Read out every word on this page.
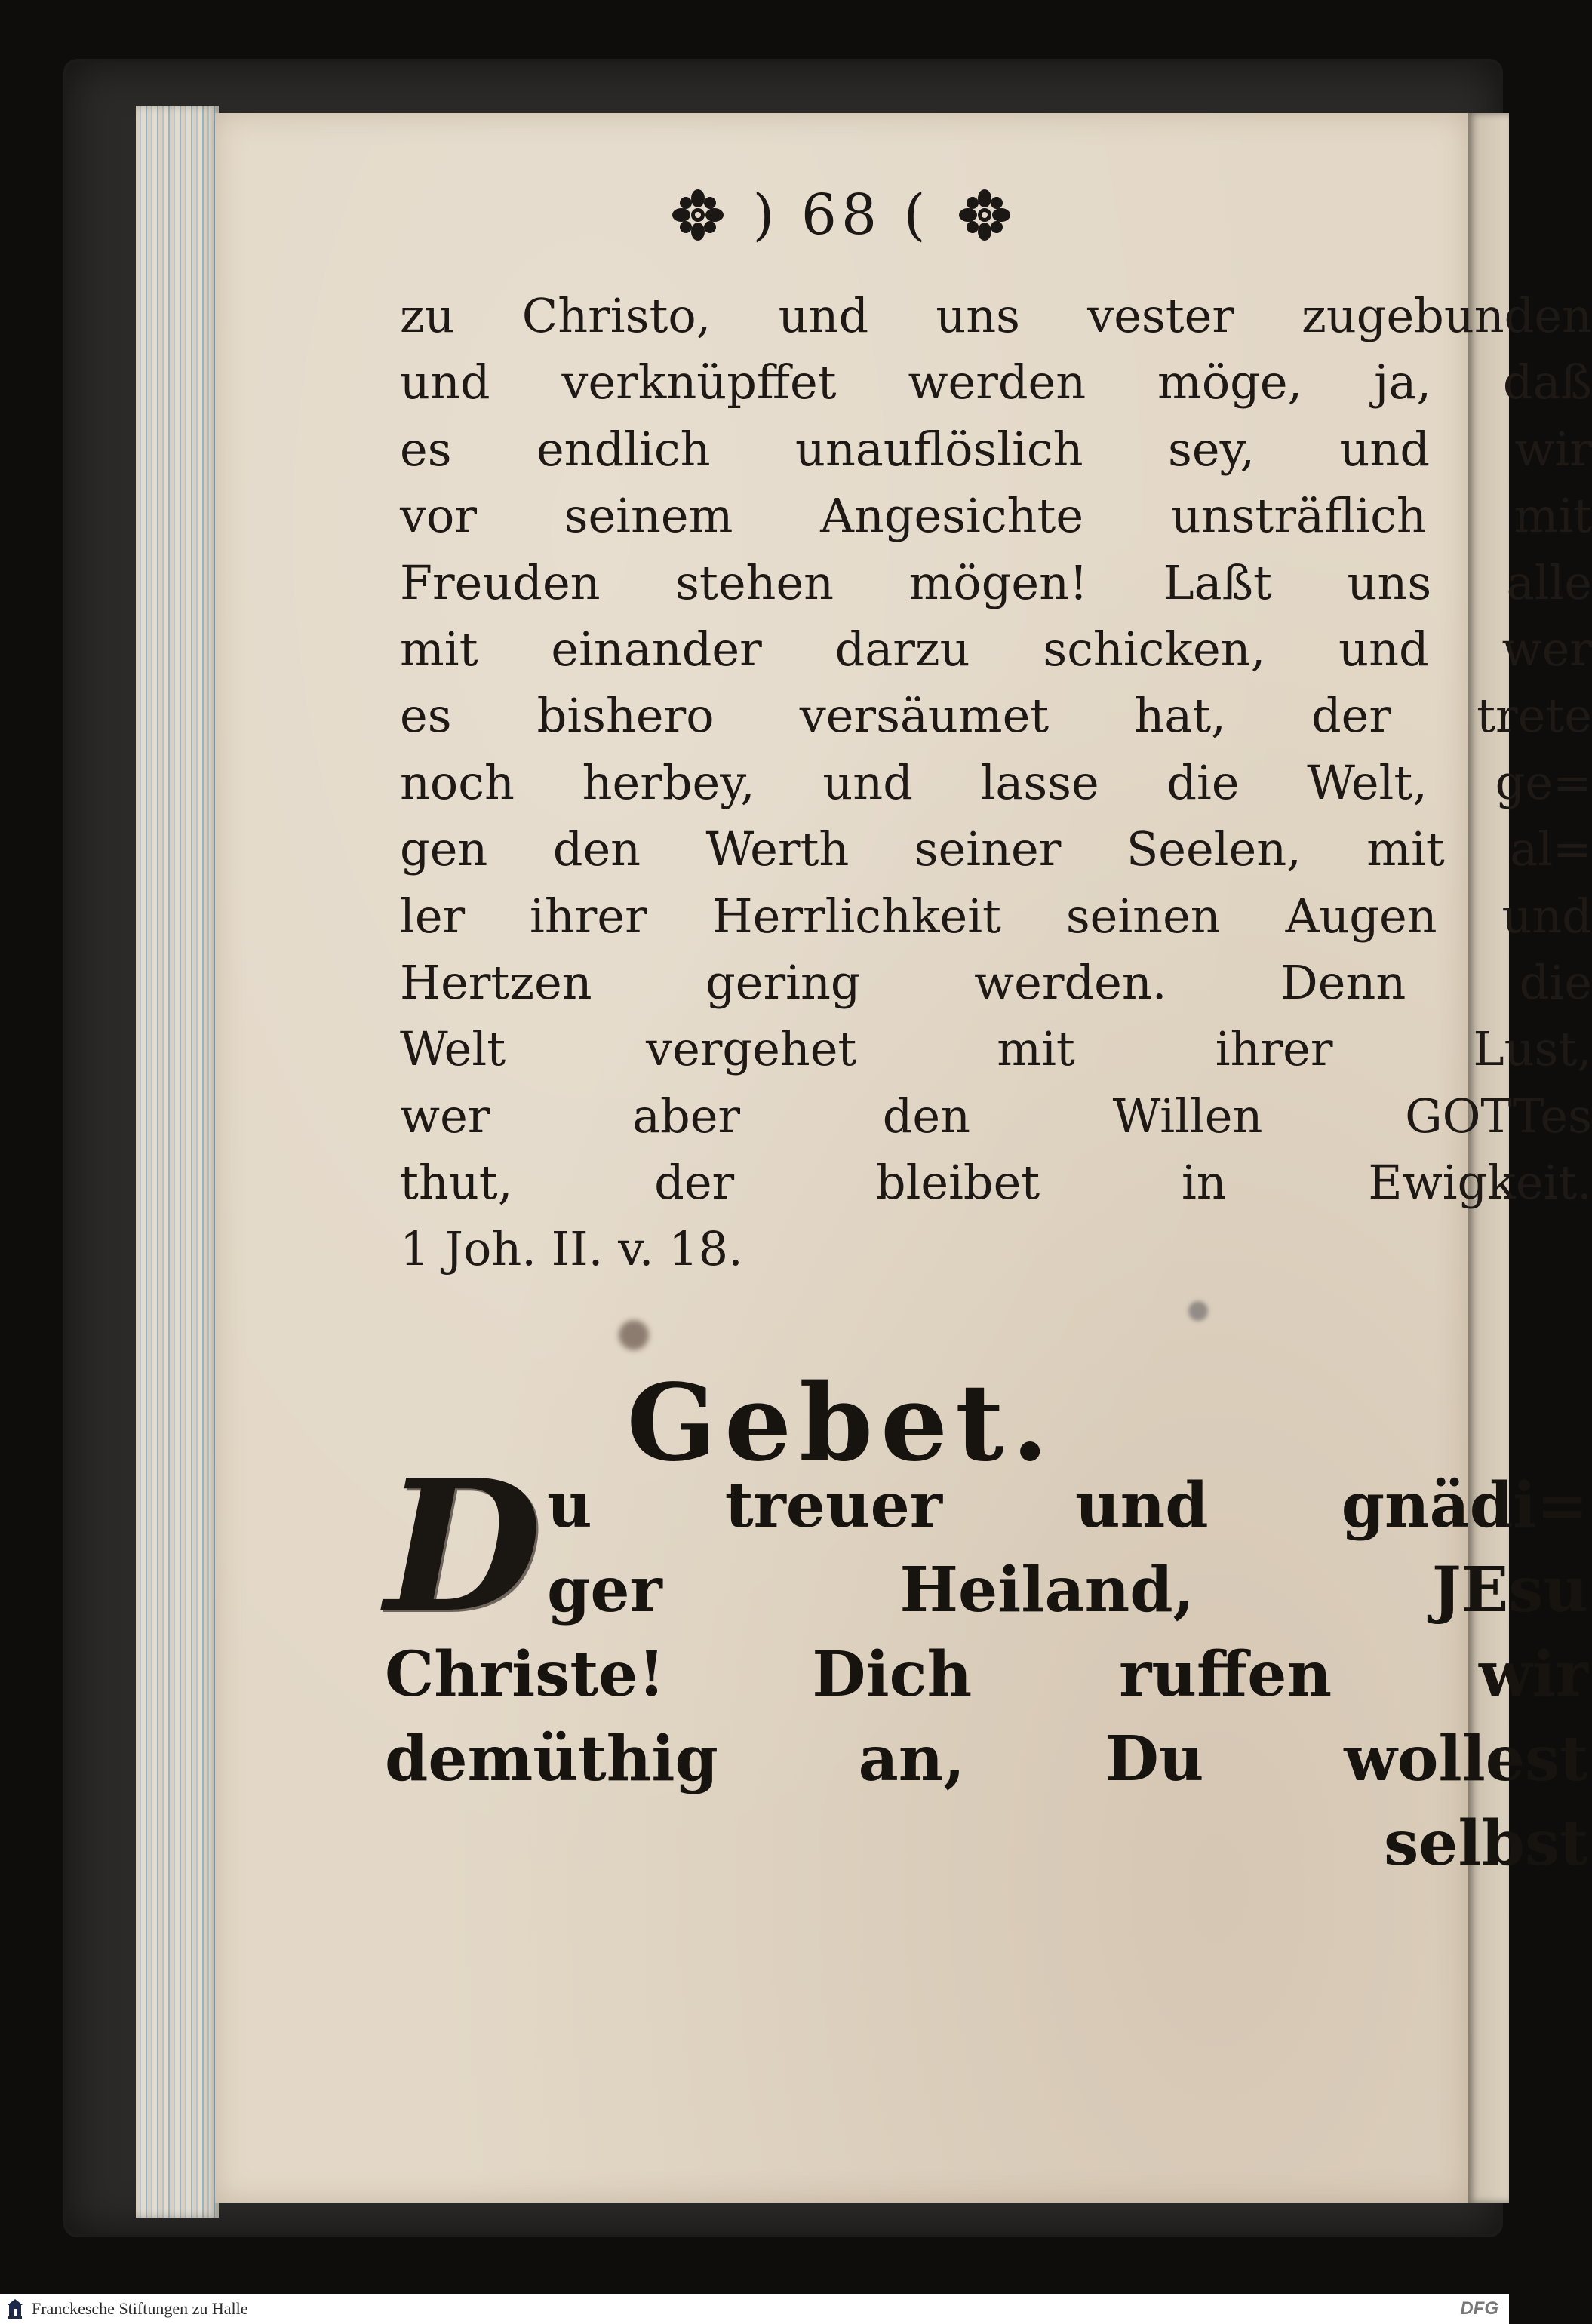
) 68 (
zu Christo, und uns vester zugebunden
und verknüpffet werden möge, ja, daß
es endlich unauflöslich sey, und wir
vor seinem Angesichte unsträflich mit
Freuden stehen mögen! Laßt uns alle
mit einander darzu schicken, und wer
es bishero versäumet hat, der trete
noch herbey, und lasse die Welt, ge=
gen den Werth seiner Seelen, mit al=
ler ihrer Herrlichkeit seinen Augen und
Hertzen gering werden. Denn die
Welt vergehet mit ihrer Lust,
wer aber den Willen GOTTes
thut, der bleibet in Ewigkeit.
1 Joh. II. v. 18.
Gebet.
D u treuer und gnädi=
ger Heiland, JEsu
Christe! Dich ruffen wir
demüthig an, Du wollest
selbst
Franckesche Stiftungen zu Halle	DFG
